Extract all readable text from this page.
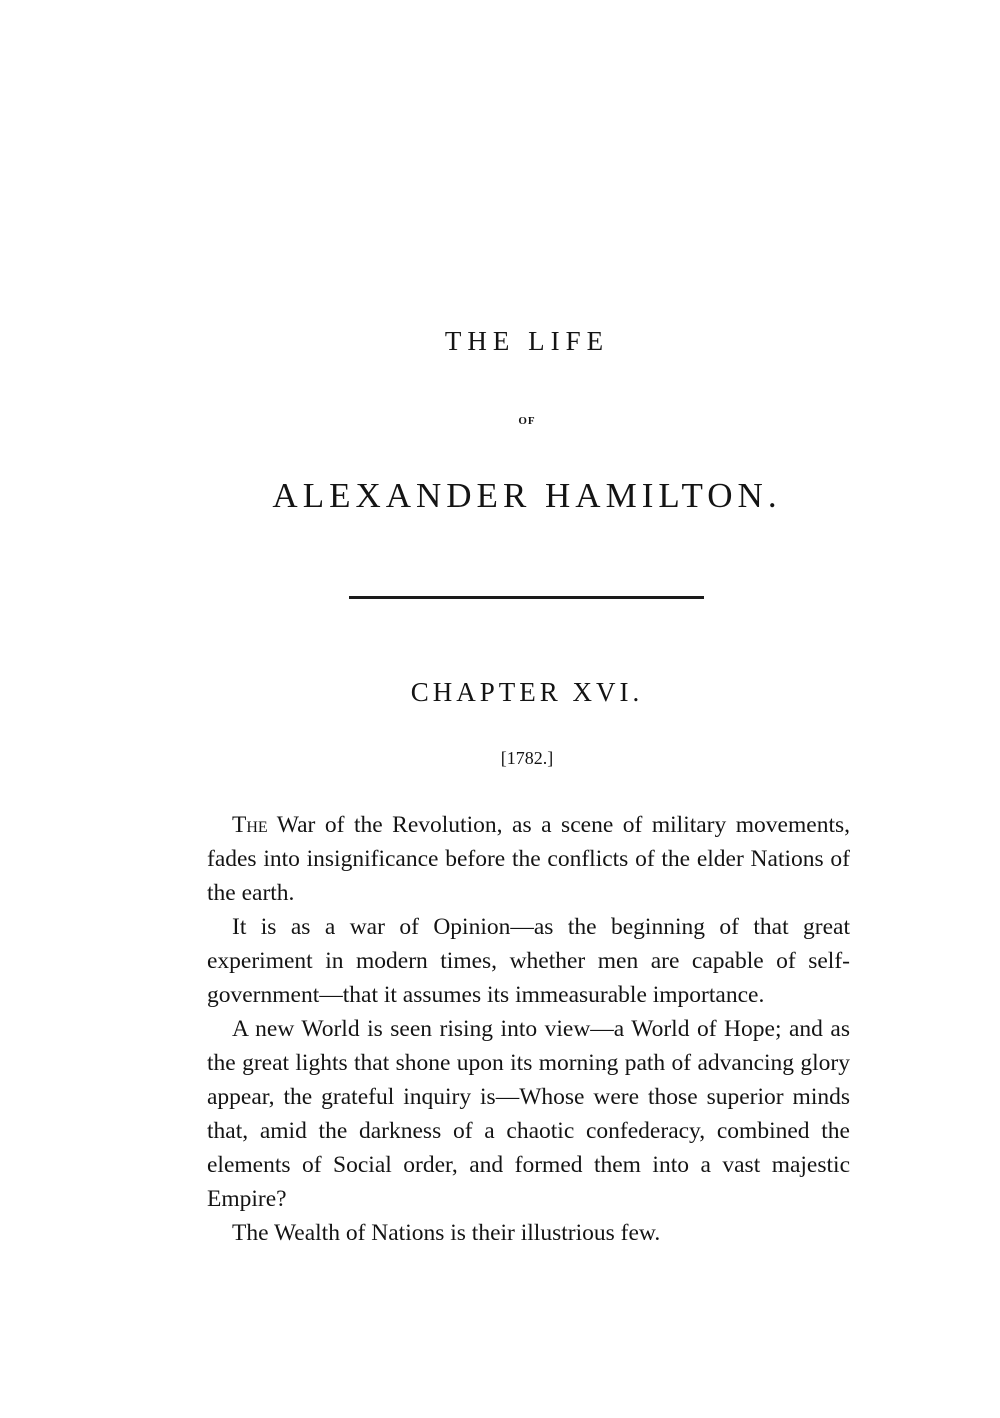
THE LIFE
OF
ALEXANDER HAMILTON.
CHAPTER XVI.
[1782.]

The War of the Revolution, as a scene of military movements, fades into insignificance before the conflicts of the elder Nations of the earth.

It is as a war of Opinion—as the beginning of that great experiment in modern times, whether men are capable of self-government—that it assumes its immeasurable importance.

A new World is seen rising into view—a World of Hope; and as the great lights that shone upon its morning path of advancing glory appear, the grateful inquiry is—Whose were those superior minds that, amid the darkness of a chaotic confederacy, combined the elements of Social order, and formed them into a vast majestic Empire?

The Wealth of Nations is their illustrious few.
